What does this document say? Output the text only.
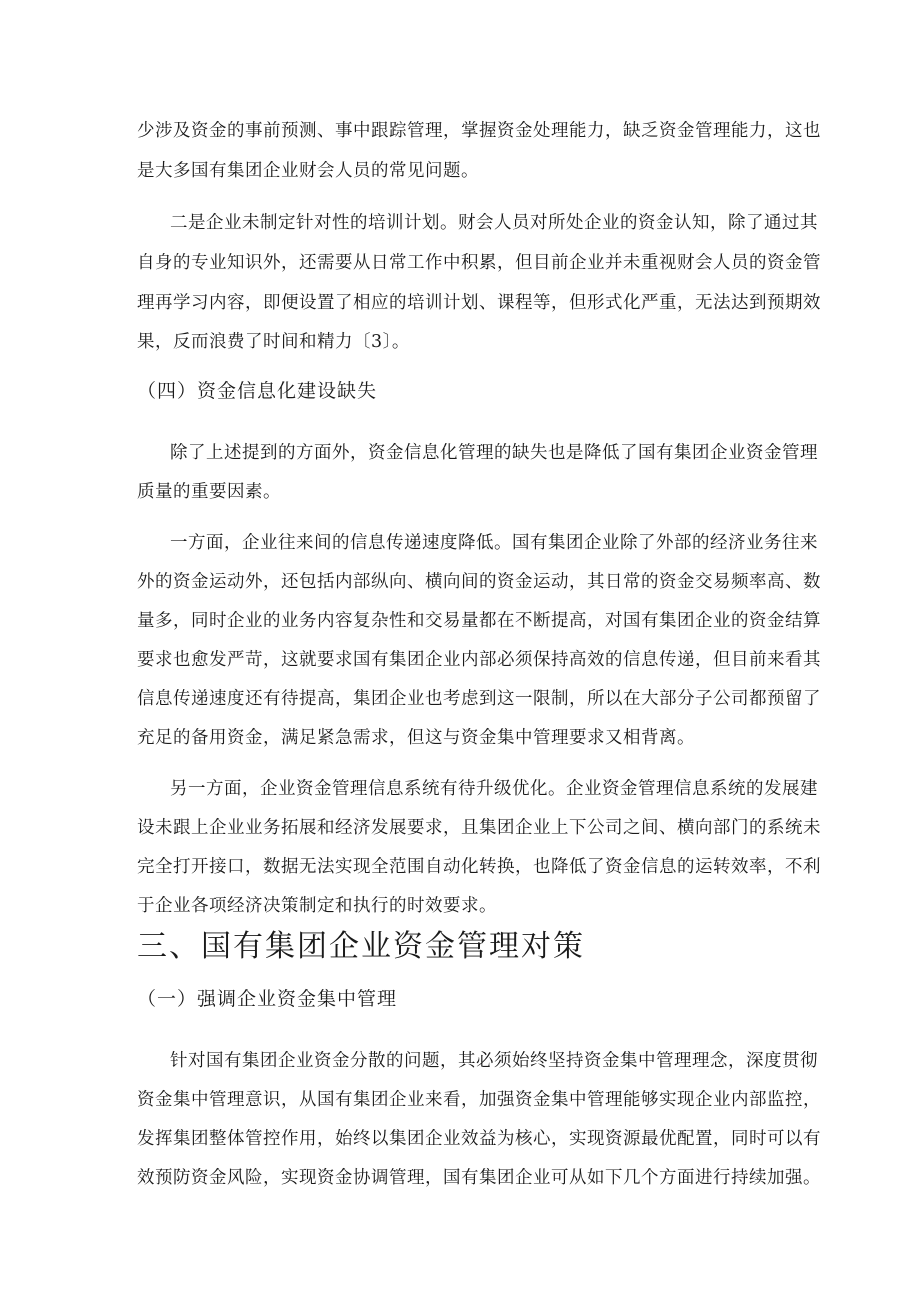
少涉及资金的事前预测、事中跟踪管理，掌握资金处理能力，缺乏资金管理能力，这也
是大多国有集团企业财会人员的常见问题。
二是企业未制定针对性的培训计划。财会人员对所处企业的资金认知，除了通过其
自身的专业知识外，还需要从日常工作中积累，但目前企业并未重视财会人员的资金管
理再学习内容，即便设置了相应的培训计划、课程等，但形式化严重，无法达到预期效
果，反而浪费了时间和精力〔3〕。
（四）资金信息化建设缺失
除了上述提到的方面外，资金信息化管理的缺失也是降低了国有集团企业资金管理
质量的重要因素。
一方面，企业往来间的信息传递速度降低。国有集团企业除了外部的经济业务往来
外的资金运动外，还包括内部纵向、横向间的资金运动，其日常的资金交易频率高、数
量多，同时企业的业务内容复杂性和交易量都在不断提高，对国有集团企业的资金结算
要求也愈发严苛，这就要求国有集团企业内部必须保持高效的信息传递，但目前来看其
信息传递速度还有待提高，集团企业也考虑到这一限制，所以在大部分子公司都预留了
充足的备用资金，满足紧急需求，但这与资金集中管理要求又相背离。
另一方面，企业资金管理信息系统有待升级优化。企业资金管理信息系统的发展建
设未跟上企业业务拓展和经济发展要求，且集团企业上下公司之间、横向部门的系统未
完全打开接口，数据无法实现全范围自动化转换，也降低了资金信息的运转效率，不利
于企业各项经济决策制定和执行的时效要求。
三、国有集团企业资金管理对策
（一）强调企业资金集中管理
针对国有集团企业资金分散的问题，其必须始终坚持资金集中管理理念，深度贯彻
资金集中管理意识，从国有集团企业来看，加强资金集中管理能够实现企业内部监控，
发挥集团整体管控作用，始终以集团企业效益为核心，实现资源最优配置，同时可以有
效预防资金风险，实现资金协调管理，国有集团企业可从如下几个方面进行持续加强。
